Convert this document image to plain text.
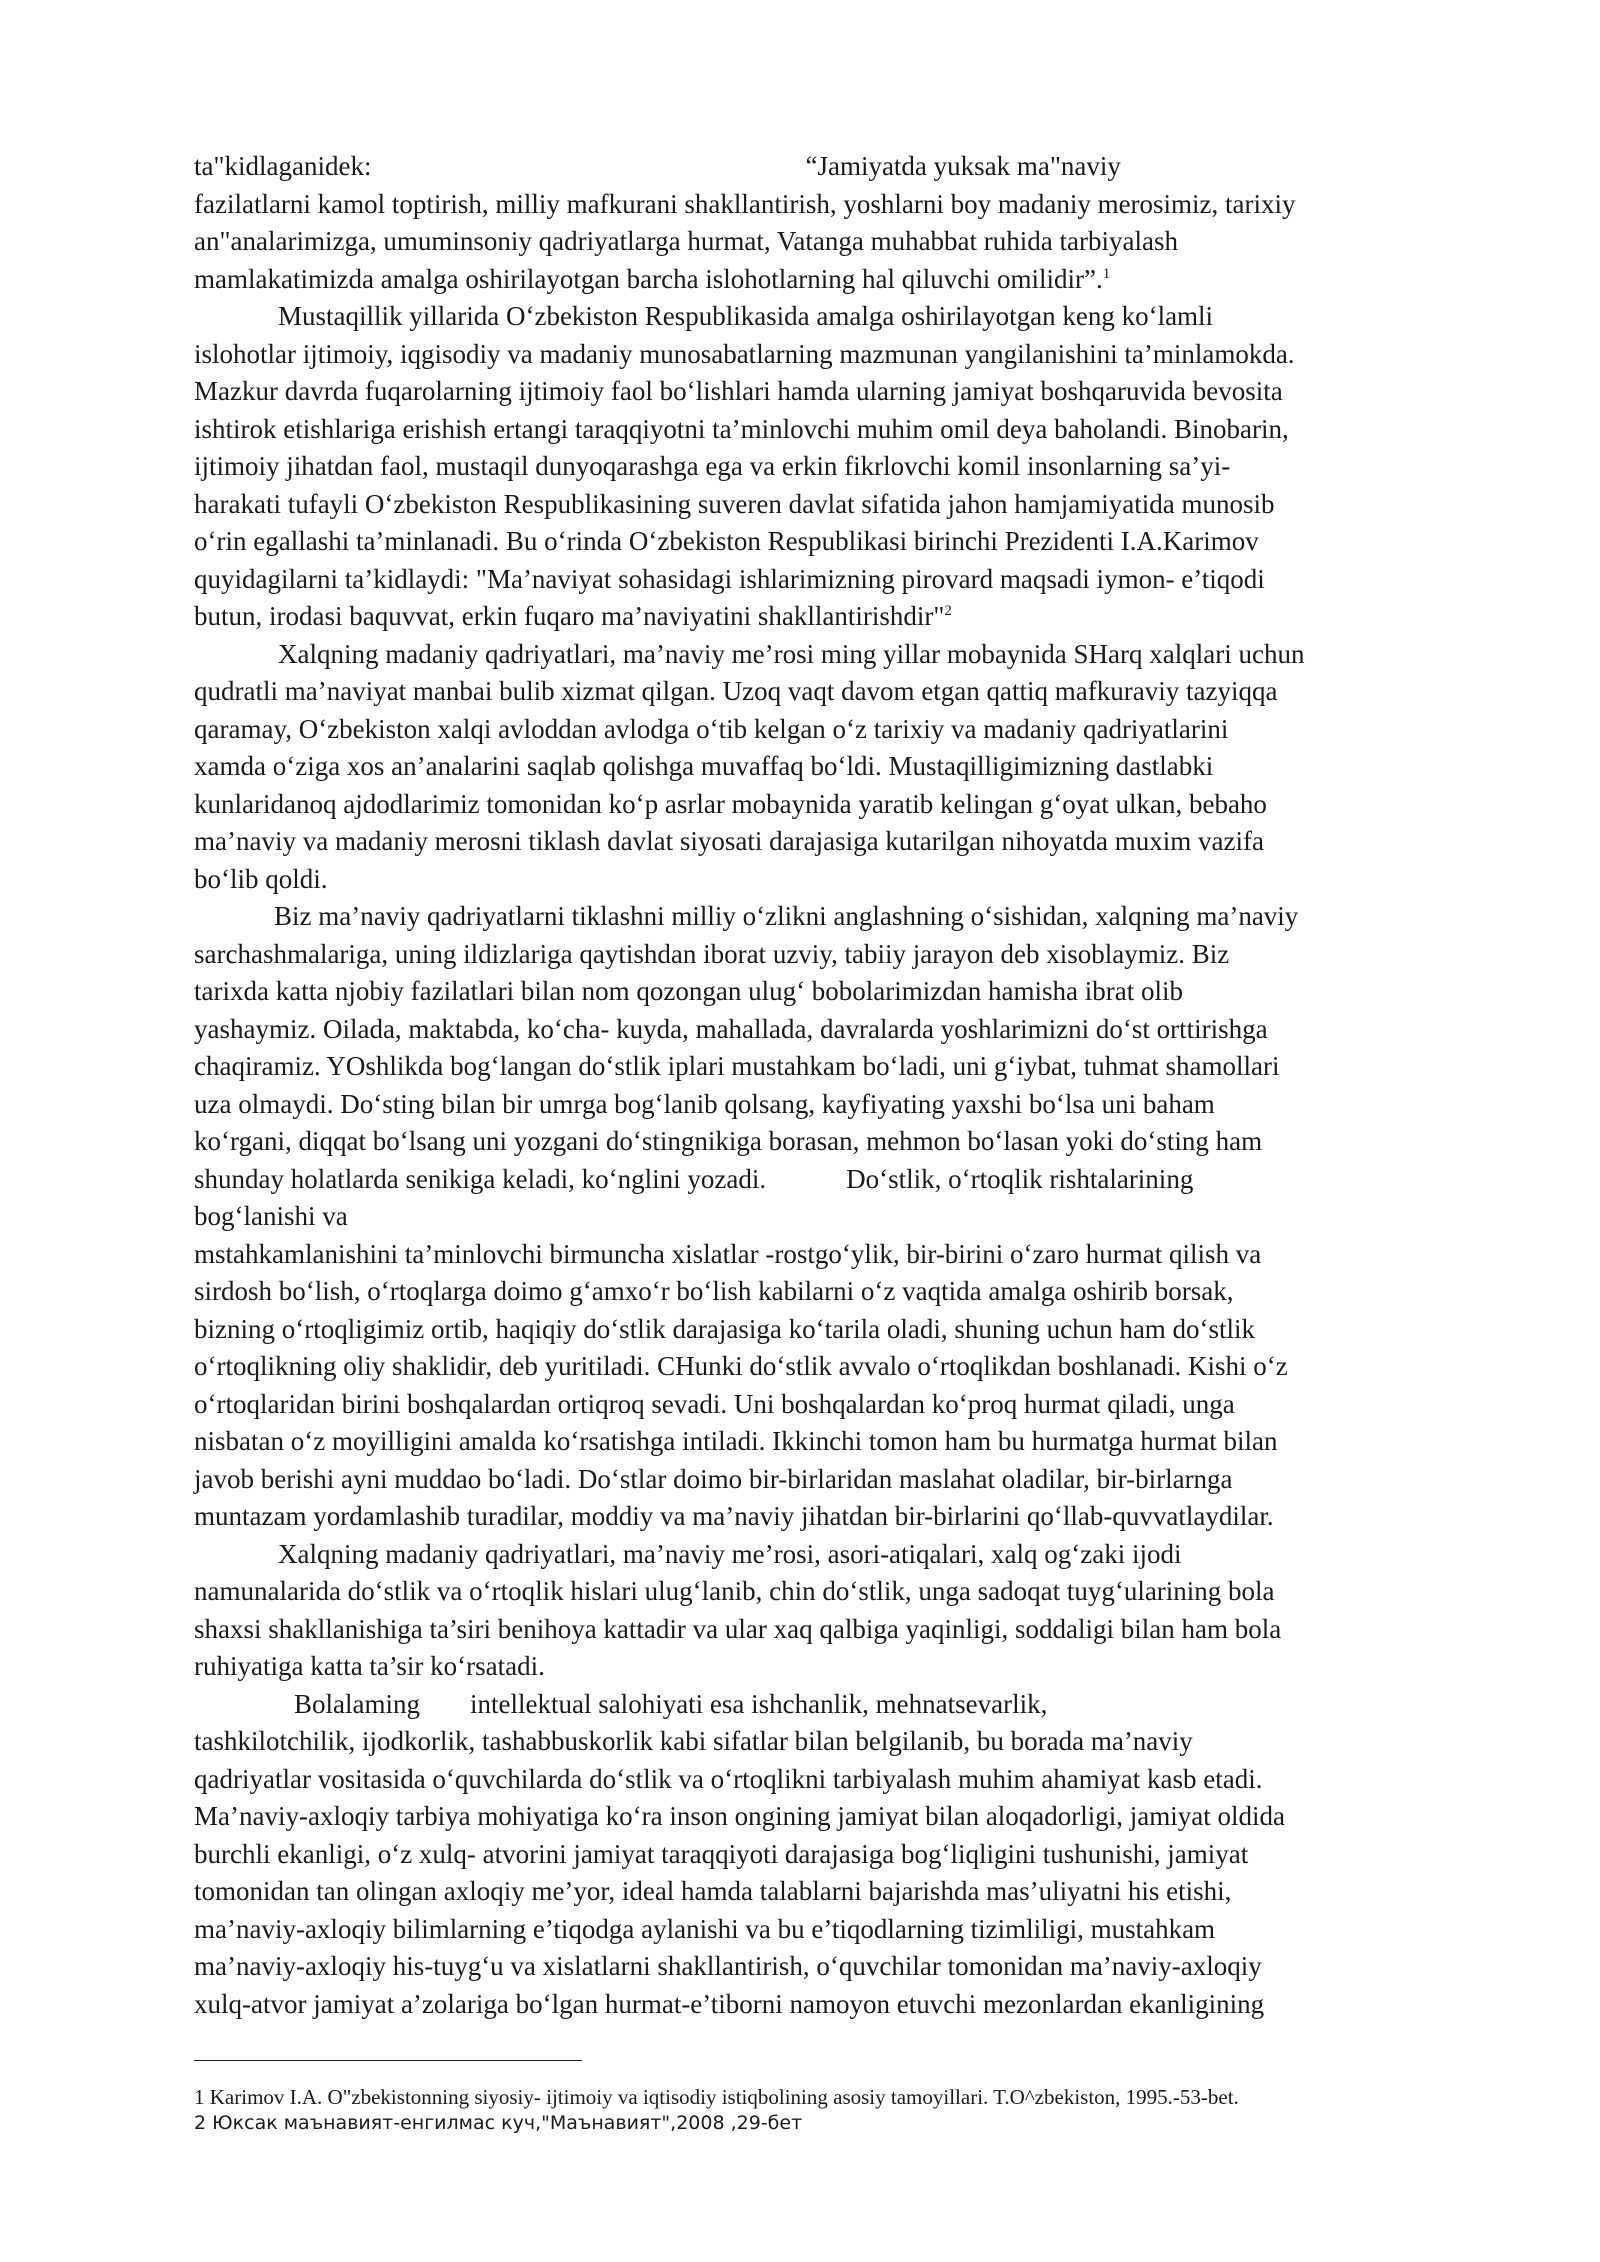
ta"kidlaganidek:	“Jamiyatda yuksak ma"naviy
fazilatlarni kamol toptirish, milliy mafkurani shakllantirish, yoshlarni boy madaniy merosimiz, tarixiy
an"analarimizga, umuminsoniy qadriyatlarga hurmat, Vatanga muhabbat ruhida tarbiyalash
mamlakatimizda amalga oshirilayotgan barcha islohotlarning hal qiluvchi omilidir”.$^1$
Mustaqillik yillarida O‘zbekiston Respublikasida amalga oshirilayotgan keng ko‘lamli
islohotlar ijtimoiy, iqgisodiy va madaniy munosabatlarning mazmunan yangilanishini ta’minlamokda.
Mazkur davrda fuqarolarning ijtimoiy faol bo‘lishlari hamda ularning jamiyat boshqaruvida bevosita
ishtirok etishlariga erishish ertangi taraqqiyotni ta’minlovchi muhim omil deya baholandi. Binobarin,
ijtimoiy jihatdan faol, mustaqil dunyoqarashga ega va erkin fikrlovchi komil insonlarning sa’yi-
harakati tufayli O‘zbekiston Respublikasining suveren davlat sifatida jahon hamjamiyatida munosib
o‘rin egallashi ta’minlanadi. Bu o‘rinda O‘zbekiston Respublikasi birinchi Prezidenti I.A.Karimov
quyidagilarni ta’kidlaydi: "Ma’naviyat sohasidagi ishlarimizning pirovard maqsadi iymon- e’tiqodi
butun, irodasi baquvvat, erkin fuqaro ma’naviyatini shakllantirishdir"$^2$
Xalqning madaniy qadriyatlari, ma’naviy me’rosi ming yillar mobaynida SHarq xalqlari uchun
qudratli ma’naviyat manbai bulib xizmat qilgan. Uzoq vaqt davom etgan qattiq mafkuraviy tazyiqqa
qaramay, O‘zbekiston xalqi avloddan avlodga o‘tib kelgan o‘z tarixiy va madaniy qadriyatlarini
xamda o‘ziga xos an’analarini saqlab qolishga muvaffaq bo‘ldi. Mustaqilligimizning dastlabki
kunlaridanoq ajdodlarimiz tomonidan ko‘p asrlar mobaynida yaratib kelingan g‘oyat ulkan, bebaho
ma’naviy va madaniy merosni tiklash davlat siyosati darajasiga kutarilgan nihoyatda muxim vazifa
bo‘lib qoldi.
Biz ma’naviy qadriyatlarni tiklashni milliy o‘zlikni anglashning o‘sishidan, xalqning ma’naviy
sarchashmalariga, uning ildizlariga qaytishdan iborat uzviy, tabiiy jarayon deb xisoblaymiz. Biz
tarixda katta njobiy fazilatlari bilan nom qozongan ulug‘ bobolarimizdan hamisha ibrat olib
yashaymiz. Oilada, maktabda, ko‘cha- kuyda, mahallada, davralarda yoshlarimizni do‘st orttirishga
chaqiramiz. YOshlikda bog‘langan do‘stlik iplari mustahkam bo‘ladi, uni g‘iybat, tuhmat shamollari
uza olmaydi. Do‘sting bilan bir umrga bog‘lanib qolsang, kayfiyating yaxshi bo‘lsa uni baham
ko‘rgani, diqqat bo‘lsang uni yozgani do‘stingnikiga borasan, mehmon bo‘lasan yoki do‘sting ham
shunday holatlarda senikiga keladi, ko‘nglini yozadi.	Do‘stlik, o‘rtoqlik rishtalarining
bog‘lanishi va
mstahkamlanishini ta’minlovchi birmuncha xislatlar -rostgo‘ylik, bir-birini o‘zaro hurmat qilish va
sirdosh bo‘lish, o‘rtoqlarga doimo g‘amxo‘r bo‘lish kabilarni o‘z vaqtida amalga oshirib borsak,
bizning o‘rtoqligimiz ortib, haqiqiy do‘stlik darajasiga ko‘tarila oladi, shuning uchun ham do‘stlik
o‘rtoqlikning oliy shaklidir, deb yuritiladi. CHunki do‘stlik avvalo o‘rtoqlikdan boshlanadi. Kishi o‘z
o‘rtoqlaridan birini boshqalardan ortiqroq sevadi. Uni boshqalardan ko‘proq hurmat qiladi, unga
nisbatan o‘z moyilligini amalda ko‘rsatishga intiladi. Ikkinchi tomon ham bu hurmatga hurmat bilan
javob berishi ayni muddao bo‘ladi. Do‘stlar doimo bir-birlaridan maslahat oladilar, bir-birlarnga
muntazam yordamlashib turadilar, moddiy va ma’naviy jihatdan bir-birlarini qo‘llab-quvvatlaydilar.
Xalqning madaniy qadriyatlari, ma’naviy me’rosi, asori-atiqalari, xalq og‘zaki ijodi
namunalarida do‘stlik va o‘rtoqlik hislari ulug‘lanib, chin do‘stlik, unga sadoqat tuyg‘ularining bola
shaxsi shakllanishiga ta’siri benihoya kattadir va ular xaq qalbiga yaqinligi, soddaligi bilan ham bola
ruhiyatiga katta ta’sir ko‘rsatadi.
Bolalaming intellektual salohiyati esa ishchanlik, mehnatsevarlik,
tashkilotchilik, ijodkorlik, tashabbuskorlik kabi sifatlar bilan belgilanib, bu borada ma’naviy
qadriyatlar vositasida o‘quvchilarda do‘stlik va o‘rtoqlikni tarbiyalash muhim ahamiyat kasb etadi.
Ma’naviy-axloqiy tarbiya mohiyatiga ko‘ra inson ongining jamiyat bilan aloqadorligi, jamiyat oldida
burchli ekanligi, o‘z xulq- atvorini jamiyat taraqqiyoti darajasiga bog‘liqligini tushunishi, jamiyat
tomonidan tan olingan axloqiy me’yor, ideal hamda talablarni bajarishda mas’uliyatni his etishi,
ma’naviy-axloqiy bilimlarning e’tiqodga aylanishi va bu e’tiqodlarning tizimliligi, mustahkam
ma’naviy-axloqiy his-tuyg‘u va xislatlarni shakllantirish, o‘quvchilar tomonidan ma’naviy-axloqiy
xulq-atvor jamiyat a’zolariga bo‘lgan hurmat-e’tiborni namoyon etuvchi mezonlardan ekanligining
1 Karimov I.A. O"zbekistonning siyosiy- ijtimoiy va iqtisodiy istiqbolining asosiy tamoyillari. T.O^zbekiston, 1995.-53-bet.
2 Юксак маънавият-енгилмас куч,"Маънавият",2008 ,29-бет
